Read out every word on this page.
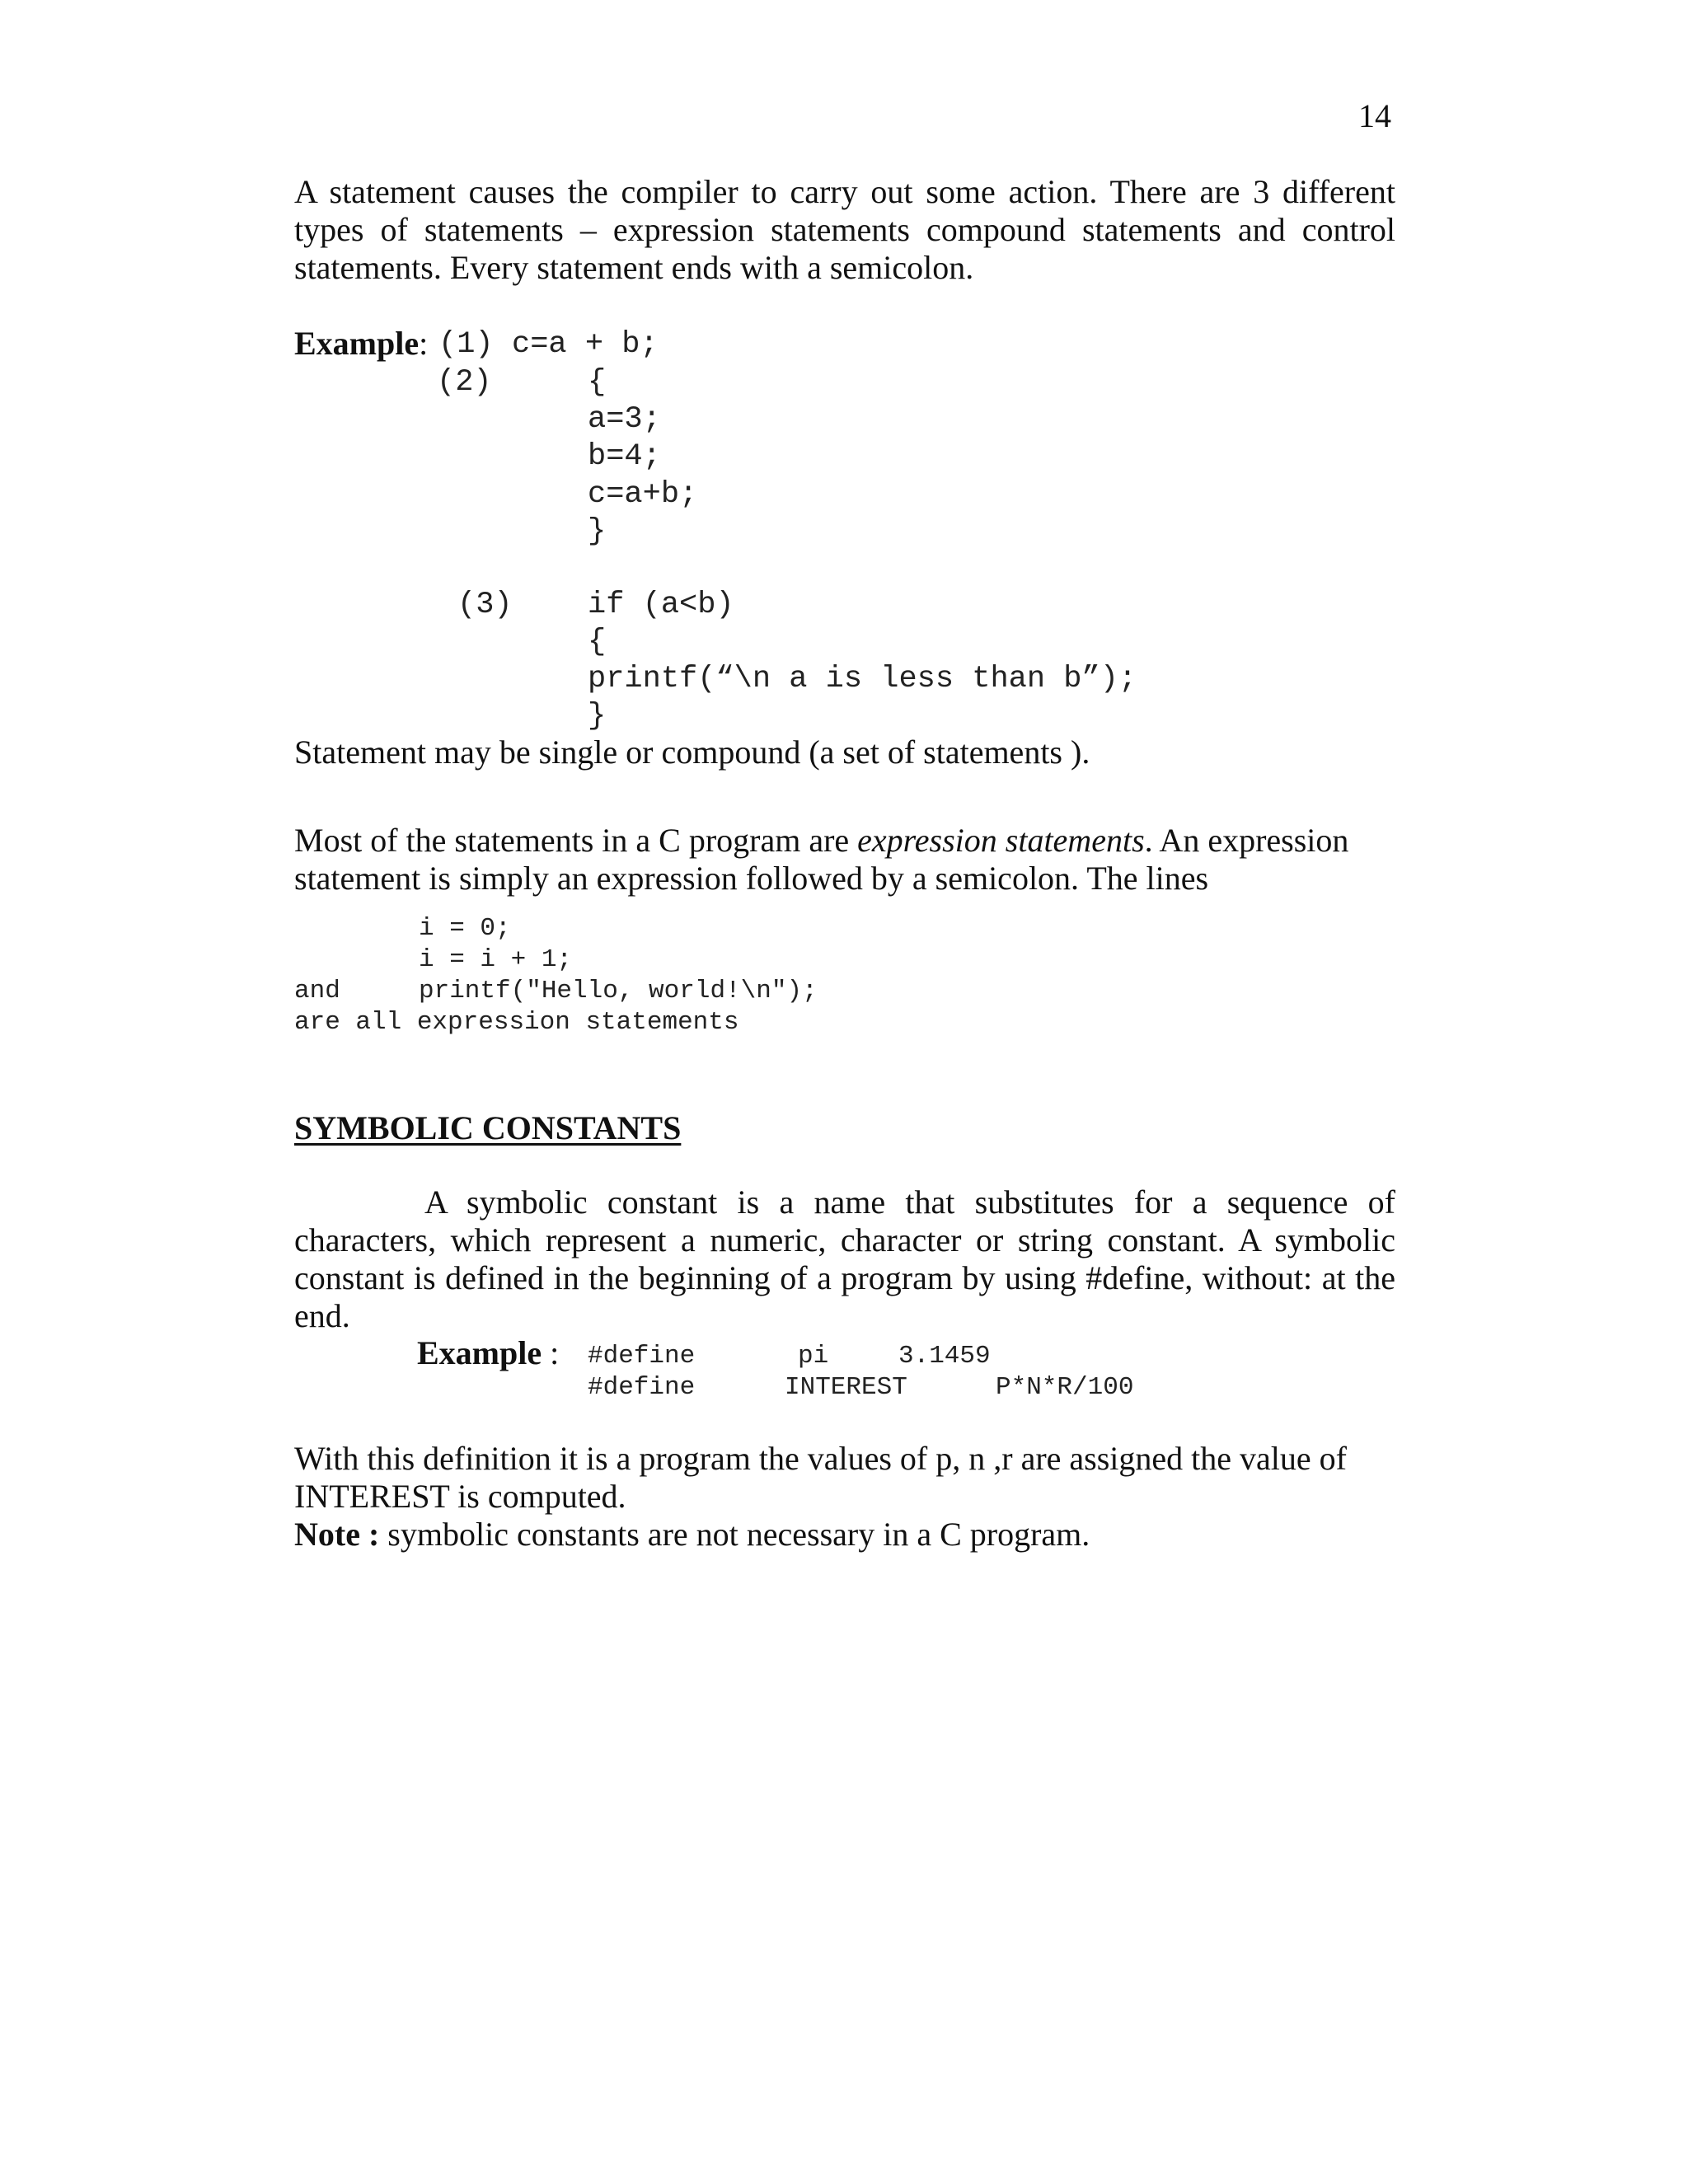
14
A statement causes the compiler to carry out some action. There are 3 different types of statements – expression statements compound statements and control statements. Every statement ends with a semicolon.
Example: (1) c=a + b;
(2)	{
a=3;
b=4;
c=a+b;
}
(3) if (a<b)
{
printf(“\n a is less than b”);
}
Statement may be single or compound (a set of statements ).
Most of the statements in a C program are expression statements. An expression
statement is simply an expression followed by a semicolon. The lines
i = 0;
i = i + 1;
and	printf("Hello, world!\n");
are all expression statements
SYMBOLIC CONSTANTS
A symbolic constant is a name that substitutes for a sequence of characters, which represent a numeric, character or string constant. A symbolic constant is defined in the beginning of a program by using #define, without: at the end.
Example : #define	pi	3.1459
#define	INTEREST	P*N*R/100
With this definition it is a program the values of p, n ,r are assigned the value of
INTEREST is computed.
Note : symbolic constants are not necessary in a C program.
